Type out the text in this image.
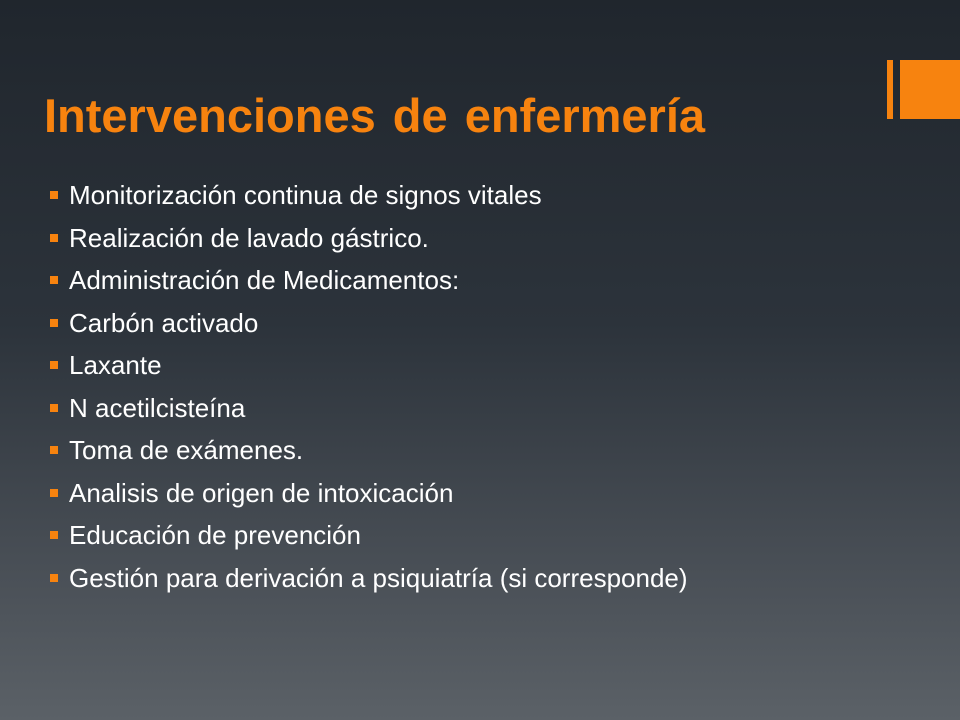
Intervenciones de enfermería
Monitorización continua de signos vitales
Realización de lavado gástrico.
Administración de Medicamentos:
Carbón activado
Laxante
N acetilcisteína
Toma de exámenes.
Analisis de origen de intoxicación
Educación de prevención
Gestión para derivación a psiquiatría (si corresponde)
